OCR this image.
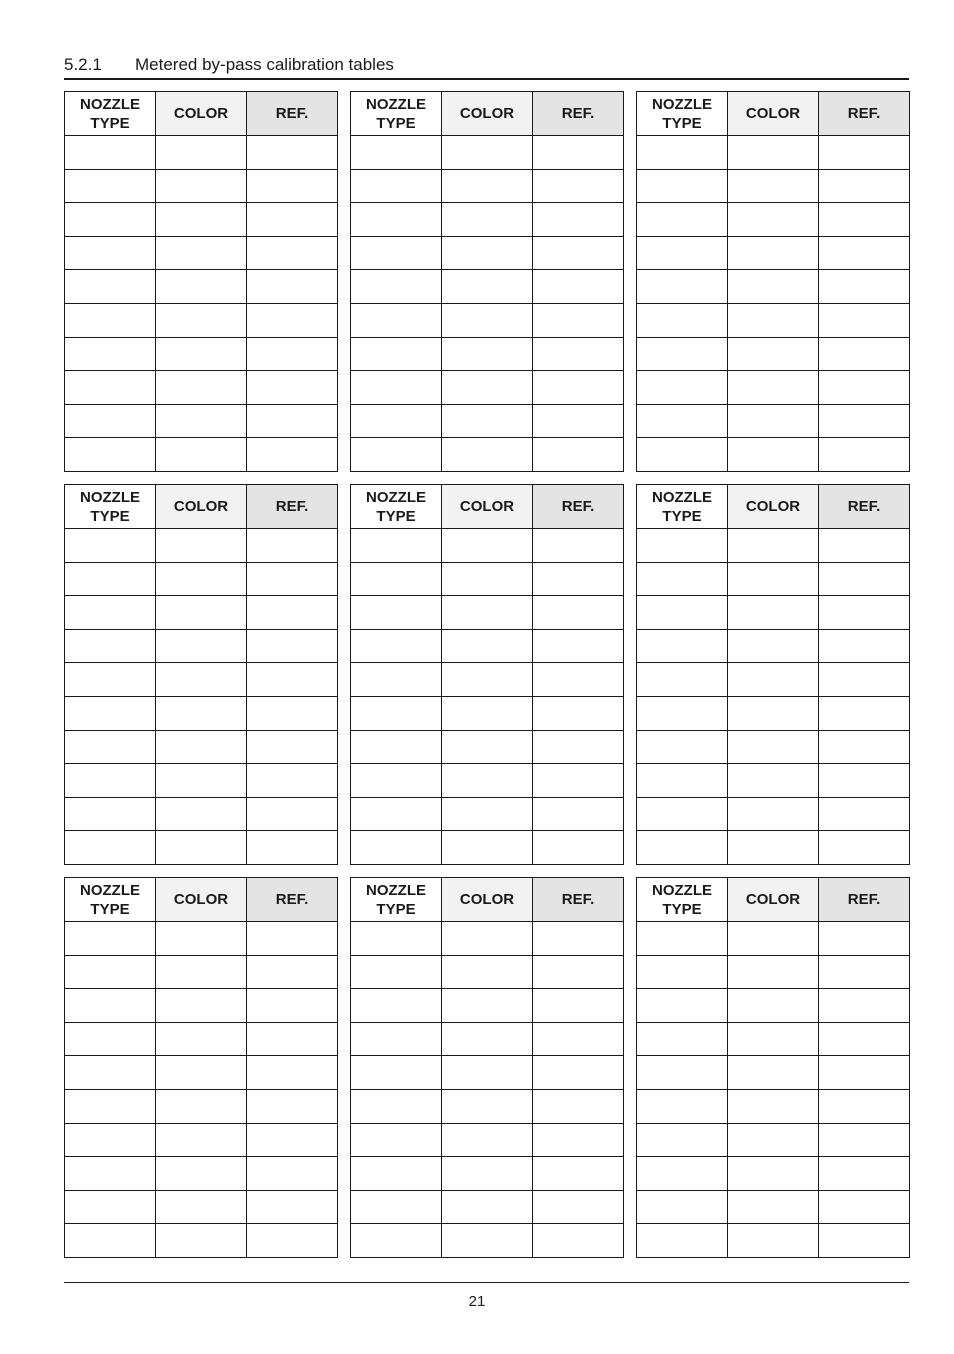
5.2.1 Metered by-pass calibration tables
NOZZLE
TYPE	COLOR	REF.

NOZZLE
TYPE	COLOR	REF.

NOZZLE
TYPE	COLOR	REF.

NOZZLE
TYPE	COLOR	REF.

NOZZLE
TYPE	COLOR	REF.

NOZZLE
TYPE	COLOR	REF.

NOZZLE
TYPE	COLOR	REF.

NOZZLE
TYPE	COLOR	REF.

NOZZLE
TYPE	COLOR	REF.

21
